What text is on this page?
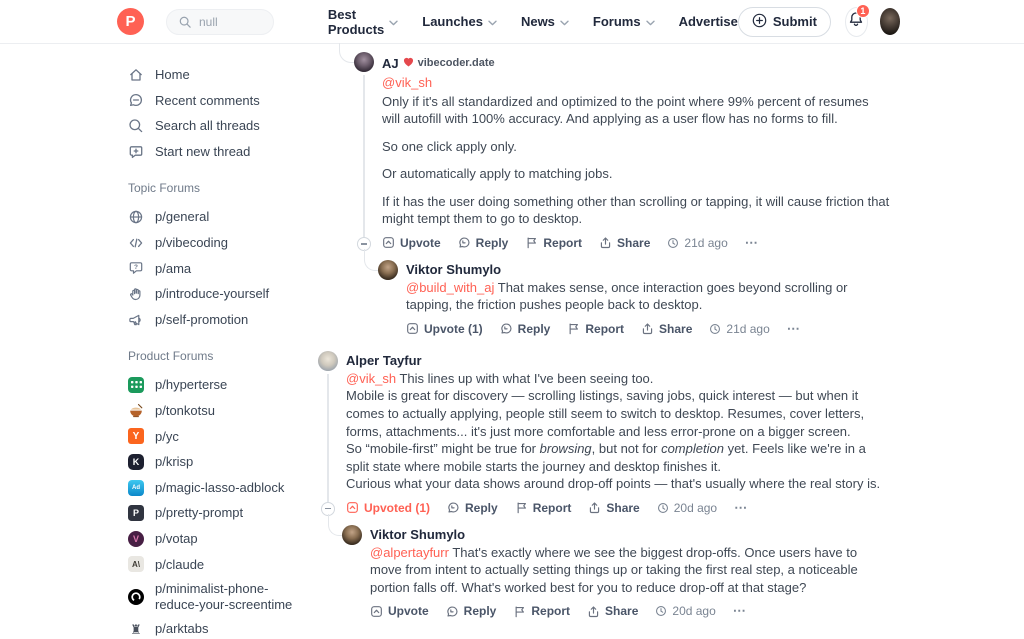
P
null	Best Products	Launches	News	Forums	Advertise	Submit
1
Home
Recent comments
Search all threads
Start new thread
Topic Forums
p/general
p/vibecoding
? p/ama
p/introduce-yourself
p/self-promotion
Product Forums
p/hyperterse
p/tonkotsu
Y p/yc
K p/krisp
Ad p/magic-lasso-adblock
P p/pretty-prompt
V p/votap
A\ p/claude
p/minimalist-phone-reduce-your-screentime
♜ p/arktabs
AJ vibecoder.date
@vik_sh

Only if it's all standardized and optimized to the point where 99% percent of resumes will autofill with 100% accuracy. And applying as a user flow has no forms to fill.

So one click apply only.

Or automatically apply to matching jobs.

If it has the user doing something other than scrolling or tapping, it will cause friction that might tempt them to go to desktop.

Upvote	Reply	Report	Share	21d ago ⋯
Viktor Shumylo

@build_with_aj That makes sense, once interaction goes beyond scrolling or tapping, the friction pushes people back to desktop.

Upvote (1)	Reply	Report	Share	21d ago ⋯
Alper Tayfur
@vik_sh This lines up with what I've been seeing too.
Mobile is great for discovery — scrolling listings, saving jobs, quick interest — but when it comes to actually applying, people still seem to switch to desktop. Resumes, cover letters, forms, attachments... it's just more comfortable and less error-prone on a bigger screen.
So “mobile-first” might be true for browsing, but not for completion yet. Feels like we're in a split state where mobile starts the journey and desktop finishes it.
Curious what your data shows around drop-off points — that's usually where the real story is.
Upvoted (1)	Reply	Report	Share	20d ago ⋯
Viktor Shumylo

@alpertayfurr That's exactly where we see the biggest drop-offs. Once users have to move from intent to actually setting things up or taking the first real step, a noticeable portion falls off. What's worked best for you to reduce drop-off at that stage?

Upvote	Reply	Report	Share	20d ago ⋯
